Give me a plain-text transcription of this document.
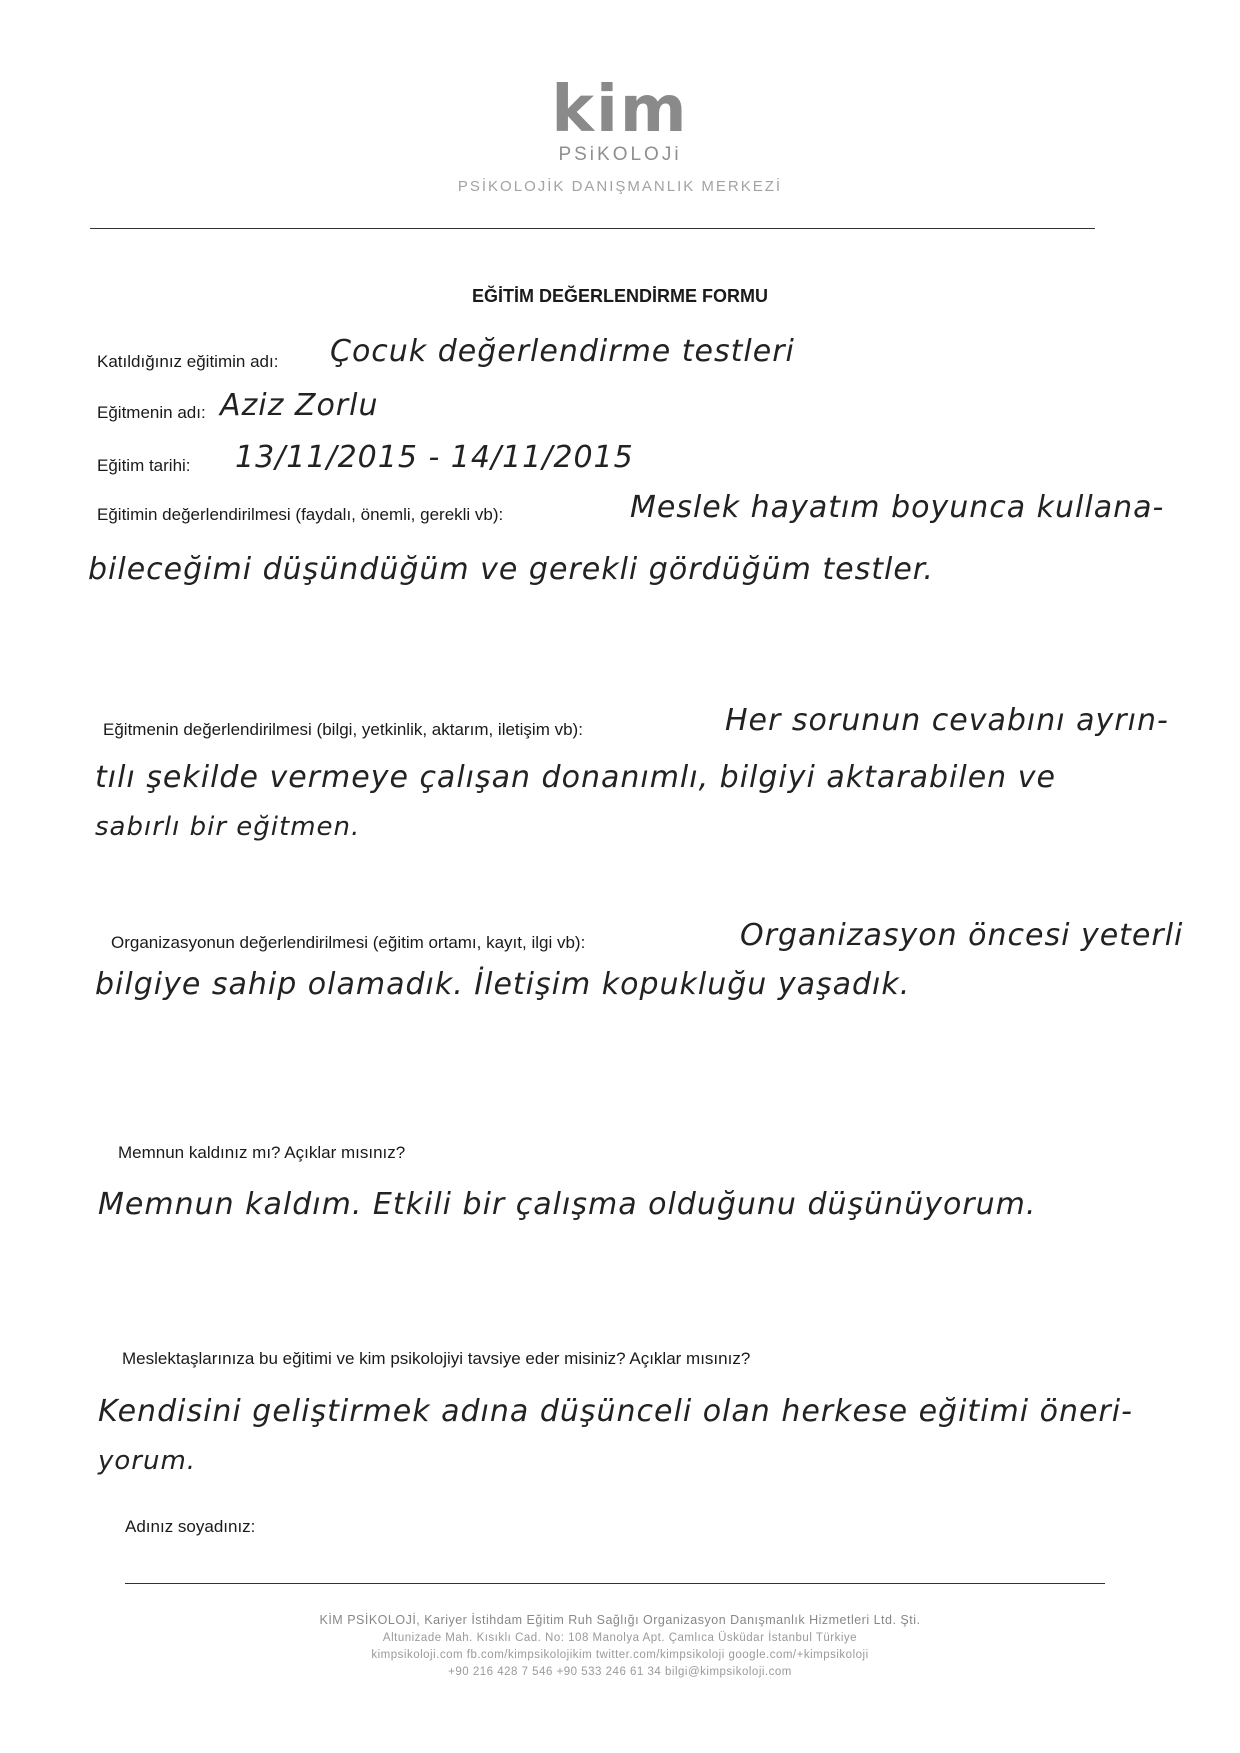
kim
PSiKOLOJi
PSİKOLOJİK DANIŞMANLIK MERKEZİ
EĞİTİM DEĞERLENDİRME FORMU
Katıldığınız eğitimin adı: Çocuk değerlendirme testleri
Eğitmenin adı: Aziz Zorlu
Eğitim tarihi: 13/11/2015 - 14/11/2015
Eğitimin değerlendirilmesi (faydalı, önemli, gerekli vb):	Meslek hayatım boyunca kullana-
bileceğimi düşündüğüm ve gerekli gördüğüm testler.
Eğitmenin değerlendirilmesi (bilgi, yetkinlik, aktarım, iletişim vb):	Her sorunun cevabını ayrın-
tılı şekilde vermeye çalışan donanımlı, bilgiyi aktarabilen ve
sabırlı bir eğitmen.
Organizasyonun değerlendirilmesi (eğitim ortamı, kayıt, ilgi vb):	Organizasyon öncesi yeterli
bilgiye sahip olamadık. İletişim kopukluğu yaşadık.
Memnun kaldınız mı? Açıklar mısınız?
Memnun kaldım. Etkili bir çalışma olduğunu düşünüyorum.
Meslektaşlarınıza bu eğitimi ve kim psikolojiyi tavsiye eder misiniz? Açıklar mısınız?
Kendisini geliştirmek adına düşünceli olan herkese eğitimi öneri-
yorum.
Adınız soyadınız:
KİM PSİKOLOJİ, Kariyer İstihdam Eğitim Ruh Sağlığı Organizasyon Danışmanlık Hizmetleri Ltd. Şti.
Altunizade Mah. Kısıklı Cad. No: 108 Manolya Apt. Çamlıca Üsküdar İstanbul Türkiye
kimpsikoloji.com fb.com/kimpsikolojikim twitter.com/kimpsikoloji google.com/+kimpsikoloji
+90 216 428 7 546 +90 533 246 61 34 bilgi@kimpsikoloji.com
